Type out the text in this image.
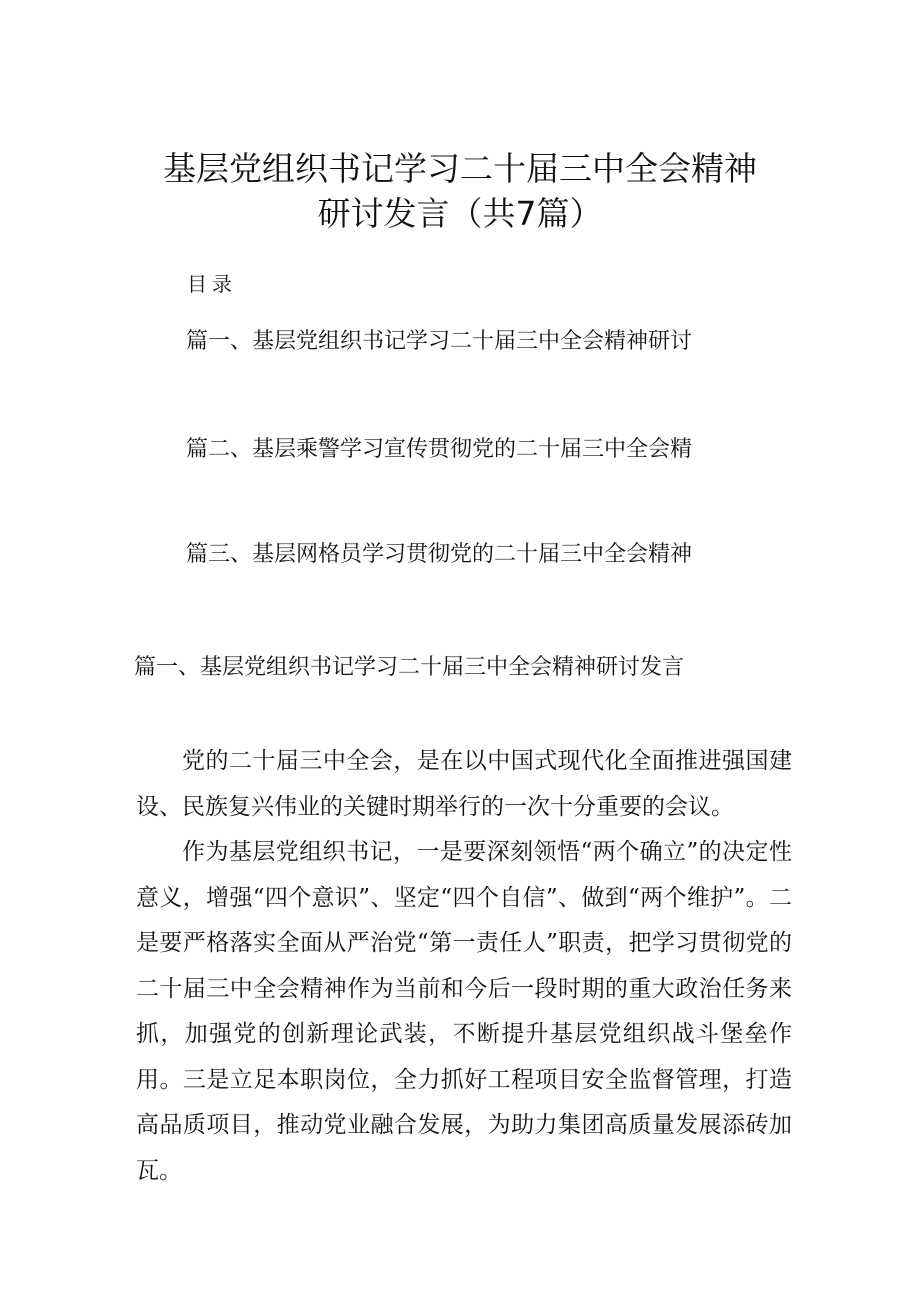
基层党组织书记学习二十届三中全会精神
研讨发言（共7篇）
目录
篇一、基层党组织书记学习二十届三中全会精神研讨
篇二、基层乘警学习宣传贯彻党的二十届三中全会精
篇三、基层网格员学习贯彻党的二十届三中全会精神
篇一、基层党组织书记学习二十届三中全会精神研讨发言

党的二十届三中全会，是在以中国式现代化全面推进强国建设、民族复兴伟业的关键时期举行的一次十分重要的会议。

作为基层党组织书记，一是要深刻领悟“两个确立”的决定性意义，增强“四个意识”、坚定“四个自信”、做到“两个维护”。二是要严格落实全面从严治党“第一责任人”职责，把学习贯彻党的二十届三中全会精神作为当前和今后一段时期的重大政治任务来抓，加强党的创新理论武装，不断提升基层党组织战斗堡垒作用。三是立足本职岗位，全力抓好工程项目安全监督管理，打造高品质项目，推动党业融合发展，为助力集团高质量发展添砖加瓦。
